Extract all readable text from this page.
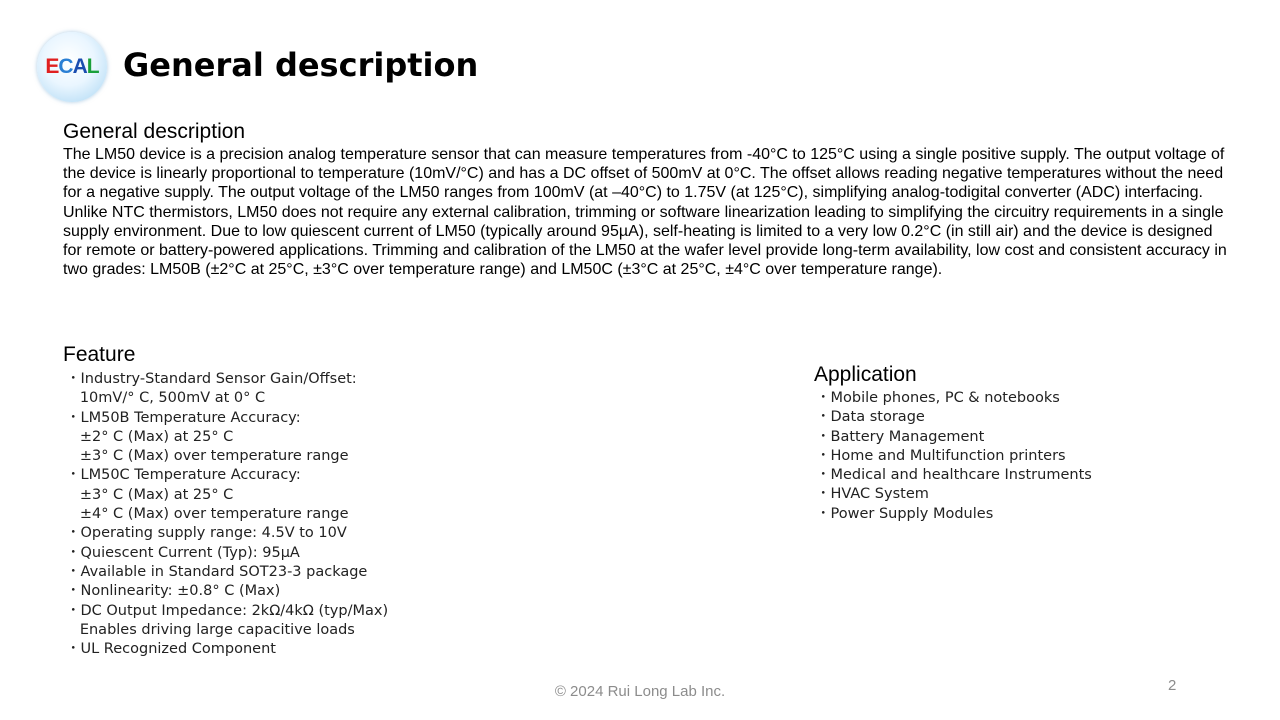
E C A L General description
General description

The LM50 device is a precision analog temperature sensor that can measure temperatures from -40°C to 125°C using a single positive supply. The output voltage of the device is linearly proportional to temperature (10mV/°C) and has a DC offset of 500mV at 0°C. The offset allows reading negative temperatures without the need for a negative supply. The output voltage of the LM50 ranges from 100mV (at –40°C) to 1.75V (at 125°C), simplifying analog-todigital converter (ADC) interfacing.

Unlike NTC thermistors, LM50 does not require any external calibration, trimming or software linearization leading to simplifying the circuitry requirements in a single supply environment. Due to low quiescent current of LM50 (typically around 95µA), self-heating is limited to a very low 0.2°C (in still air) and the device is designed for remote or battery-powered applications. Trimming and calibration of the LM50 at the wafer level provide long-term availability, low cost and consistent accuracy in two grades: LM50B (±2°C at 25°C, ±3°C over temperature range) and LM50C (±3°C at 25°C, ±4°C over temperature range).

Feature
・Industry-Standard Sensor Gain/Offset:
10mV/° C, 500mV at 0° C
・LM50B Temperature Accuracy:
±2° C (Max) at 25° C
±3° C (Max) over temperature range
・LM50C Temperature Accuracy:
±3° C (Max) at 25° C
±4° C (Max) over temperature range
・Operating supply range: 4.5V to 10V
・Quiescent Current (Typ): 95μA
・Available in Standard SOT23-3 package
・Nonlinearity: ±0.8° C (Max)
・DC Output Impedance: 2kΩ/4kΩ (typ/Max)
Enables driving large capacitive loads
・UL Recognized Component
Application
・Mobile phones, PC & notebooks
・Data storage
・Battery Management
・Home and Multifunction printers
・Medical and healthcare Instruments
・HVAC System
・Power Supply Modules

© 2024 Rui Long Lab Inc.	2
